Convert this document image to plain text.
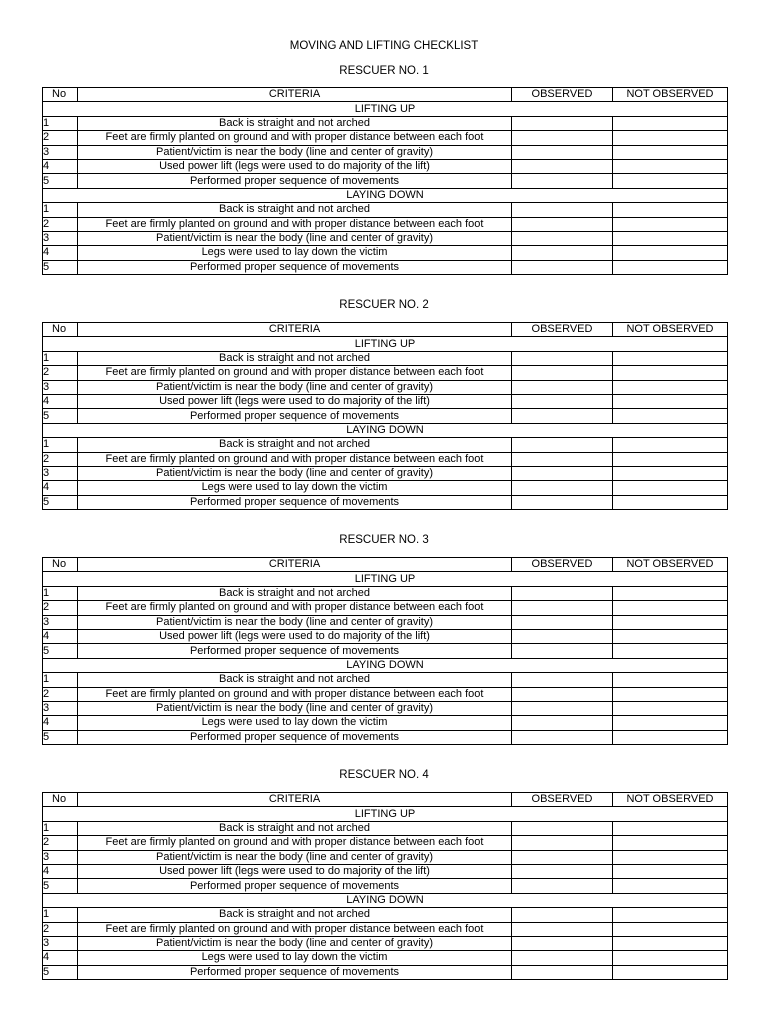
MOVING AND LIFTING CHECKLIST
RESCUER NO. 1
No	CRITERIA	OBSERVED	NOT OBSERVED
LIFTING UP			
1	Back is straight and not arched		
2	Feet are firmly planted on ground and with proper distance between each foot		
3	Patient/victim is near the body (line and center of gravity)		
4	Used power lift (legs were used to do majority of the lift)		
5	Performed proper sequence of movements		
LAYING DOWN			
1	Back is straight and not arched		
2	Feet are firmly planted on ground and with proper distance between each foot		
3	Patient/victim is near the body (line and center of gravity)		
4	Legs were used to lay down the victim		
5	Performed proper sequence of movements		
RESCUER NO. 2
No	CRITERIA	OBSERVED	NOT OBSERVED
LIFTING UP			
1	Back is straight and not arched		
2	Feet are firmly planted on ground and with proper distance between each foot		
3	Patient/victim is near the body (line and center of gravity)		
4	Used power lift (legs were used to do majority of the lift)		
5	Performed proper sequence of movements		
LAYING DOWN			
1	Back is straight and not arched		
2	Feet are firmly planted on ground and with proper distance between each foot		
3	Patient/victim is near the body (line and center of gravity)		
4	Legs were used to lay down the victim		
5	Performed proper sequence of movements		
RESCUER NO. 3
No	CRITERIA	OBSERVED	NOT OBSERVED
LIFTING UP			
1	Back is straight and not arched		
2	Feet are firmly planted on ground and with proper distance between each foot		
3	Patient/victim is near the body (line and center of gravity)		
4	Used power lift (legs were used to do majority of the lift)		
5	Performed proper sequence of movements		
LAYING DOWN			
1	Back is straight and not arched		
2	Feet are firmly planted on ground and with proper distance between each foot		
3	Patient/victim is near the body (line and center of gravity)		
4	Legs were used to lay down the victim		
5	Performed proper sequence of movements		
RESCUER NO. 4
No	CRITERIA	OBSERVED	NOT OBSERVED
LIFTING UP			
1	Back is straight and not arched		
2	Feet are firmly planted on ground and with proper distance between each foot		
3	Patient/victim is near the body (line and center of gravity)		
4	Used power lift (legs were used to do majority of the lift)		
5	Performed proper sequence of movements		
LAYING DOWN			
1	Back is straight and not arched		
2	Feet are firmly planted on ground and with proper distance between each foot		
3	Patient/victim is near the body (line and center of gravity)		
4	Legs were used to lay down the victim		
5	Performed proper sequence of movements		
